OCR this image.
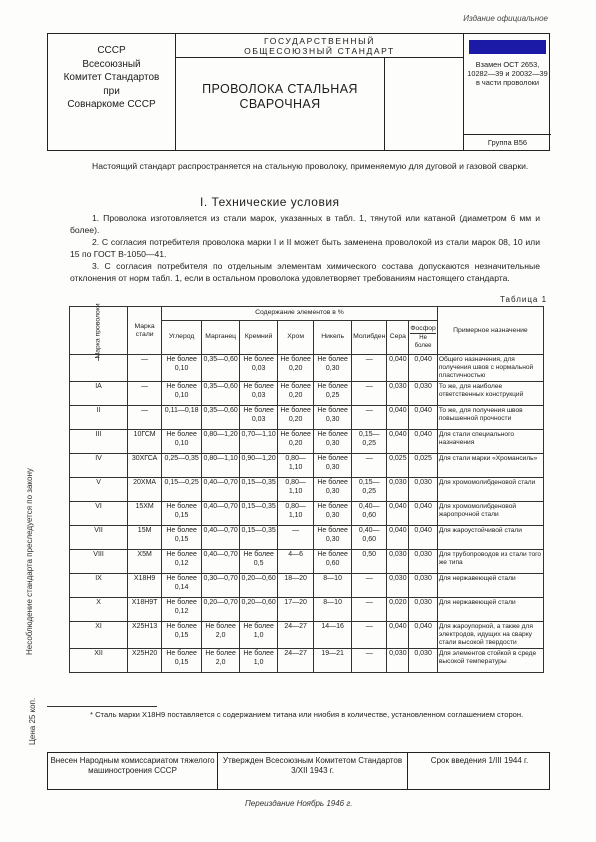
Издание официальное
СССР
Всесоюзный
Комитет Стандартов
при
Совнаркоме СССР
ГОСУДАРСТВЕННЫЙ
ОБЩЕСОЮЗНЫЙ СТАНДАРТ
ПРОВОЛОКА СТАЛЬНАЯ
СВАРОЧНАЯ
Взамен ОСТ 2653, 10282—39 и 20032—39 в части проволоки
Группа В56
Несоблюдение стандарта преследуется по закону
Цена 25 коп.
Настоящий стандарт распространяется на стальную проволоку, применяемую для дуговой и газовой сварки.
I. Технические условия
1. Проволока изготовляется из стали марок, указанных в табл. 1, тянутой или катаной (диаметром 6 мм и более).
2. С согласия потребителя проволока марки I и II может быть заменена проволокой из стали марок 08, 10 или 15 по ГОСТ В-1050—41.
3. С согласия потребителя по отдельным элементам химического состава допускаются незначительные отклонения от норм табл. 1, если в остальном проволока удовлетворяет требованиям настоящего стандарта.
Таблица 1
Марка проволоки	Марка стали	Содержание элементов в %								Примерное назначение
		Углерод	Марганец	Кремний	Хром	Никель	Молибден	Сера	Фосфор
Не более	

I	—	Не более 0,10	0,35—0,60	Не более 0,03	Не более 0,20	Не более 0,30	—	0,040	0,040	Общего назначения, для получения швов с нормальной пластичностью
IA	—	Не более 0,10	0,35—0,60	Не более 0,03	Не более 0,20	Не более 0,25	—	0,030	0,030	То же, для наиболее ответственных конструкций
II	—	0,11—0,18	0,35—0,60	Не более 0,03	Не более 0,20	Не более 0,30	—	0,040	0,040	То же, для получения швов повышенной прочности
III	10ГСМ	Не более 0,10	0,80—1,20	0,70—1,10	Не более 0,20	Не более 0,30	0,15—0,25	0,040	0,040	Для стали специального назначения
IV	30ХГСА	0,25—0,35	0,80—1,10	0,90—1,20	0,80—1,10	Не более 0,30	—	0,025	0,025	Для стали марки «Хромансиль»
V	20ХМА	0,15—0,25	0,40—0,70	0,15—0,35	0,80—1,10	Не более 0,30	0,15—0,25	0,030	0,030	Для хромомолибденовой стали
VI	15ХМ	Не более 0,15	0,40—0,70	0,15—0,35	0,80—1,10	Не более 0,30	0,40—0,60	0,040	0,040	Для хромомолибденовой жаропрочной стали
VII	15М	Не более 0,15	0,40—0,70	0,15—0,35	—	Не более 0,30	0,40—0,60	0,040	0,040	Для жароустойчивой стали
VIII	Х5М	Не более 0,12	0,40—0,70	Не более 0,5	4—6	Не более 0,60	0,50	0,030	0,030	Для трубопроводов из стали того же типа
IX	Х18Н9	Не более 0,14	0,30—0,70	0,20—0,60	18—20	8—10	—	0,030	0,030	Для нержавеющей стали
X	Х18Н9Т	Не более 0,12	0,20—0,70	0,20—0,60	17—20	8—10	—	0,020	0,030	Для нержавеющей стали
XI	Х25Н13	Не более 0,15	Не более 2,0	Не более 1,0	24—27	14—16	—	0,040	0,040	Для жароупорной, а также для электродов, идущих на сварку стали высокой твердости
XII	Х25Н20	Не более 0,15	Не более 2,0	Не более 1,0	24—27	19—21	—	0,030	0,030	Для элементов стойкой в среде высокой температуры
* Сталь марки Х18Н9 поставляется с содержанием титана или ниобия в количестве, установленном соглашением сторон.
Внесен Народным комиссариатом тяжелого машиностроения СССР
Утвержден Всесоюзным Комитетом Стандартов 3/XII 1943 г.
Срок введения 1/III 1944 г.
Переиздание Ноябрь 1946 г.
